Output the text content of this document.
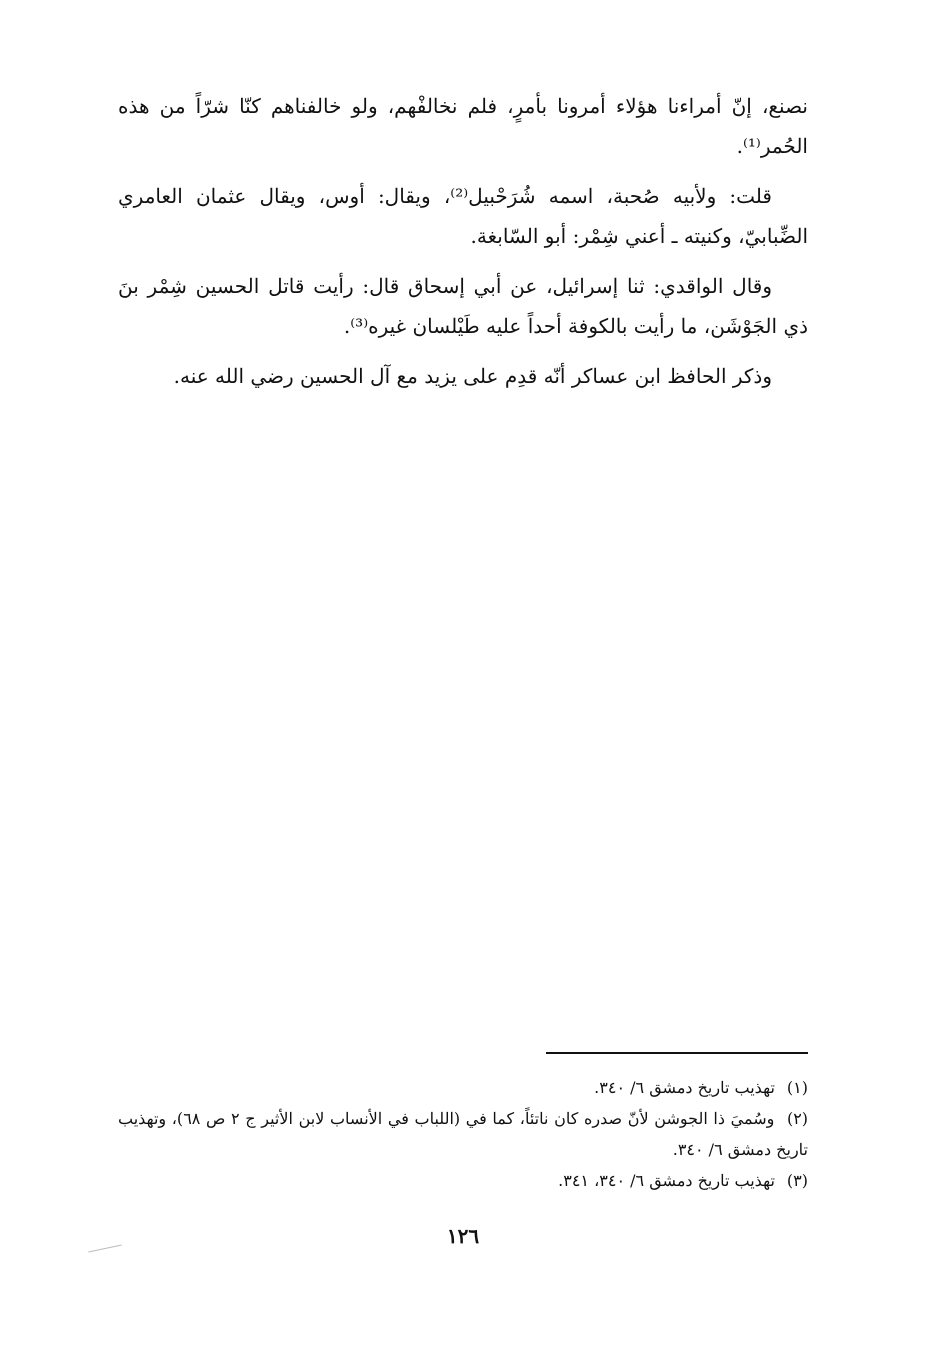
نصنع، إنّ أمراءنا هؤلاء أمرونا بأمرٍ، فلم نخالفْهم، ولو خالفناهم كنّا شرّاً من هذه الحُمر⁽¹⁾.

قلت: ولأبيه صُحبة، اسمه شُرَحْبيل⁽²⁾، ويقال: أوس، ويقال عثمان العامري الضِّبابيّ، وكنيته ـ أعني شِمْر: أبو السّابغة.

وقال الواقدي: ثنا إسرائيل، عن أبي إسحاق قال: رأيت قاتل الحسين شِمْر بنَ ذي الجَوْشَن، ما رأيت بالكوفة أحداً عليه طَيْلسان غيره⁽³⁾.

وذكر الحافظ ابن عساكر أنّه قدِم على يزيد مع آل الحسين رضي الله عنه.

(١) تهذيب تاريخ دمشق ٦/ ٣٤٠.

(٢) وسُميَ ذا الجوشن لأنّ صدره كان ناتئاً، كما في (اللباب في الأنساب لابن الأثير ج ٢ ص ٦٨)، وتهذيب تاريخ دمشق ٦/ ٣٤٠.

(٣) تهذيب تاريخ دمشق ٦/ ٣٤٠، ٣٤١.

١٢٦
